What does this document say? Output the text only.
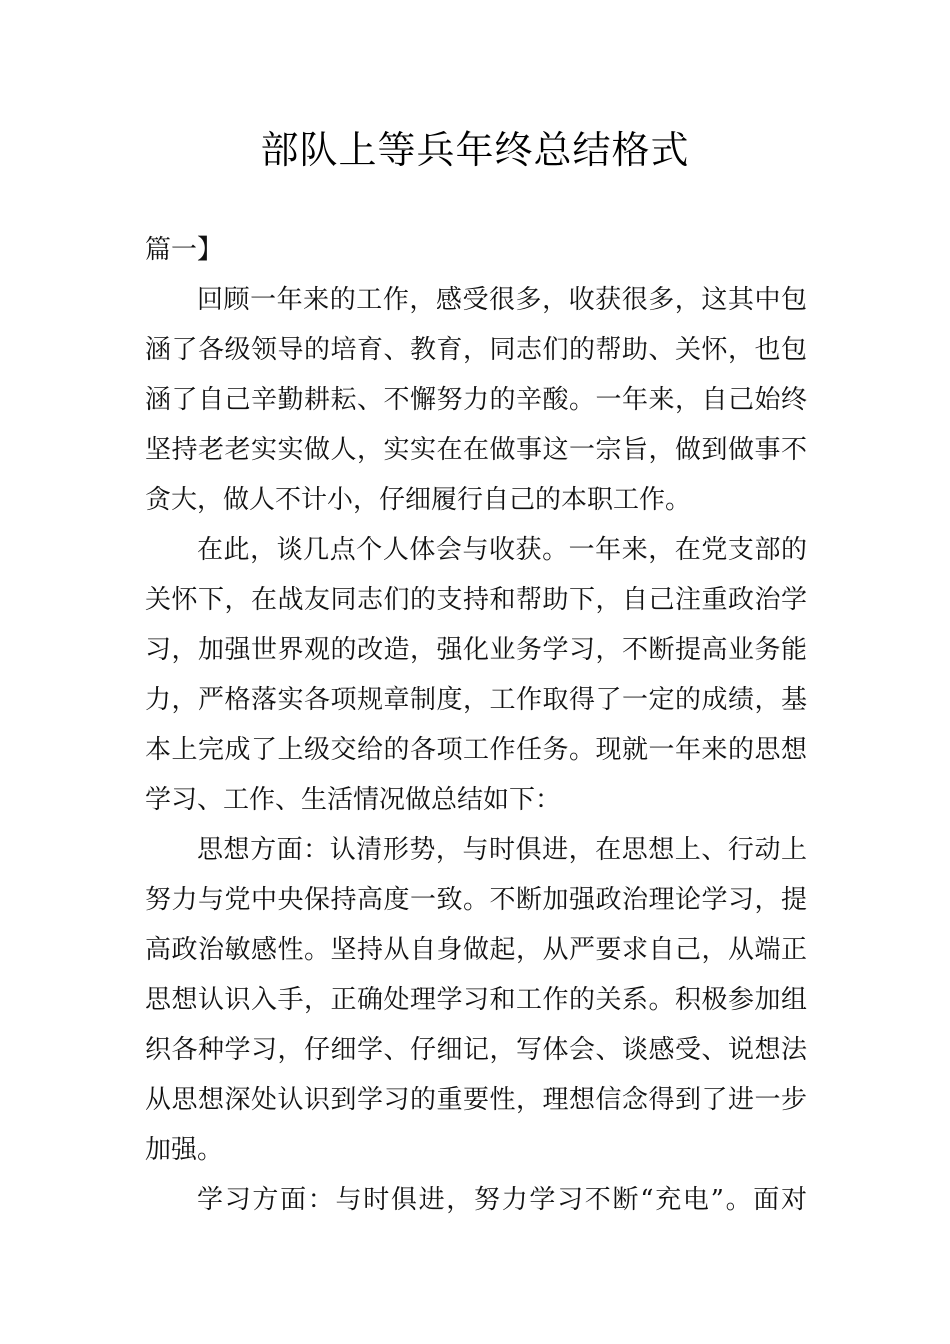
部队上等兵年终总结格式

篇一】

回顾一年来的工作，感受很多，收获很多，这其中包
涵了各级领导的培育、教育，同志们的帮助、关怀，也包
涵了自己辛勤耕耘、不懈努力的辛酸。一年来，自己始终
坚持老老实实做人，实实在在做事这一宗旨，做到做事不
贪大，做人不计小，仔细履行自己的本职工作。

在此，谈几点个人体会与收获。一年来，在党支部的
关怀下，在战友同志们的支持和帮助下，自己注重政治学
习，加强世界观的改造，强化业务学习，不断提高业务能
力，严格落实各项规章制度，工作取得了一定的成绩，基
本上完成了上级交给的各项工作任务。现就一年来的思想
学习、工作、生活情况做总结如下：

思想方面：认清形势，与时俱进，在思想上、行动上
努力与党中央保持高度一致。不断加强政治理论学习，提
高政治敏感性。坚持从自身做起，从严要求自己，从端正
思想认识入手，正确处理学习和工作的关系。积极参加组
织各种学习，仔细学、仔细记，写体会、谈感受、说想法
从思想深处认识到学习的重要性，理想信念得到了进一步
加强。

学习方面：与时俱进，努力学习不断“充电”。面对
